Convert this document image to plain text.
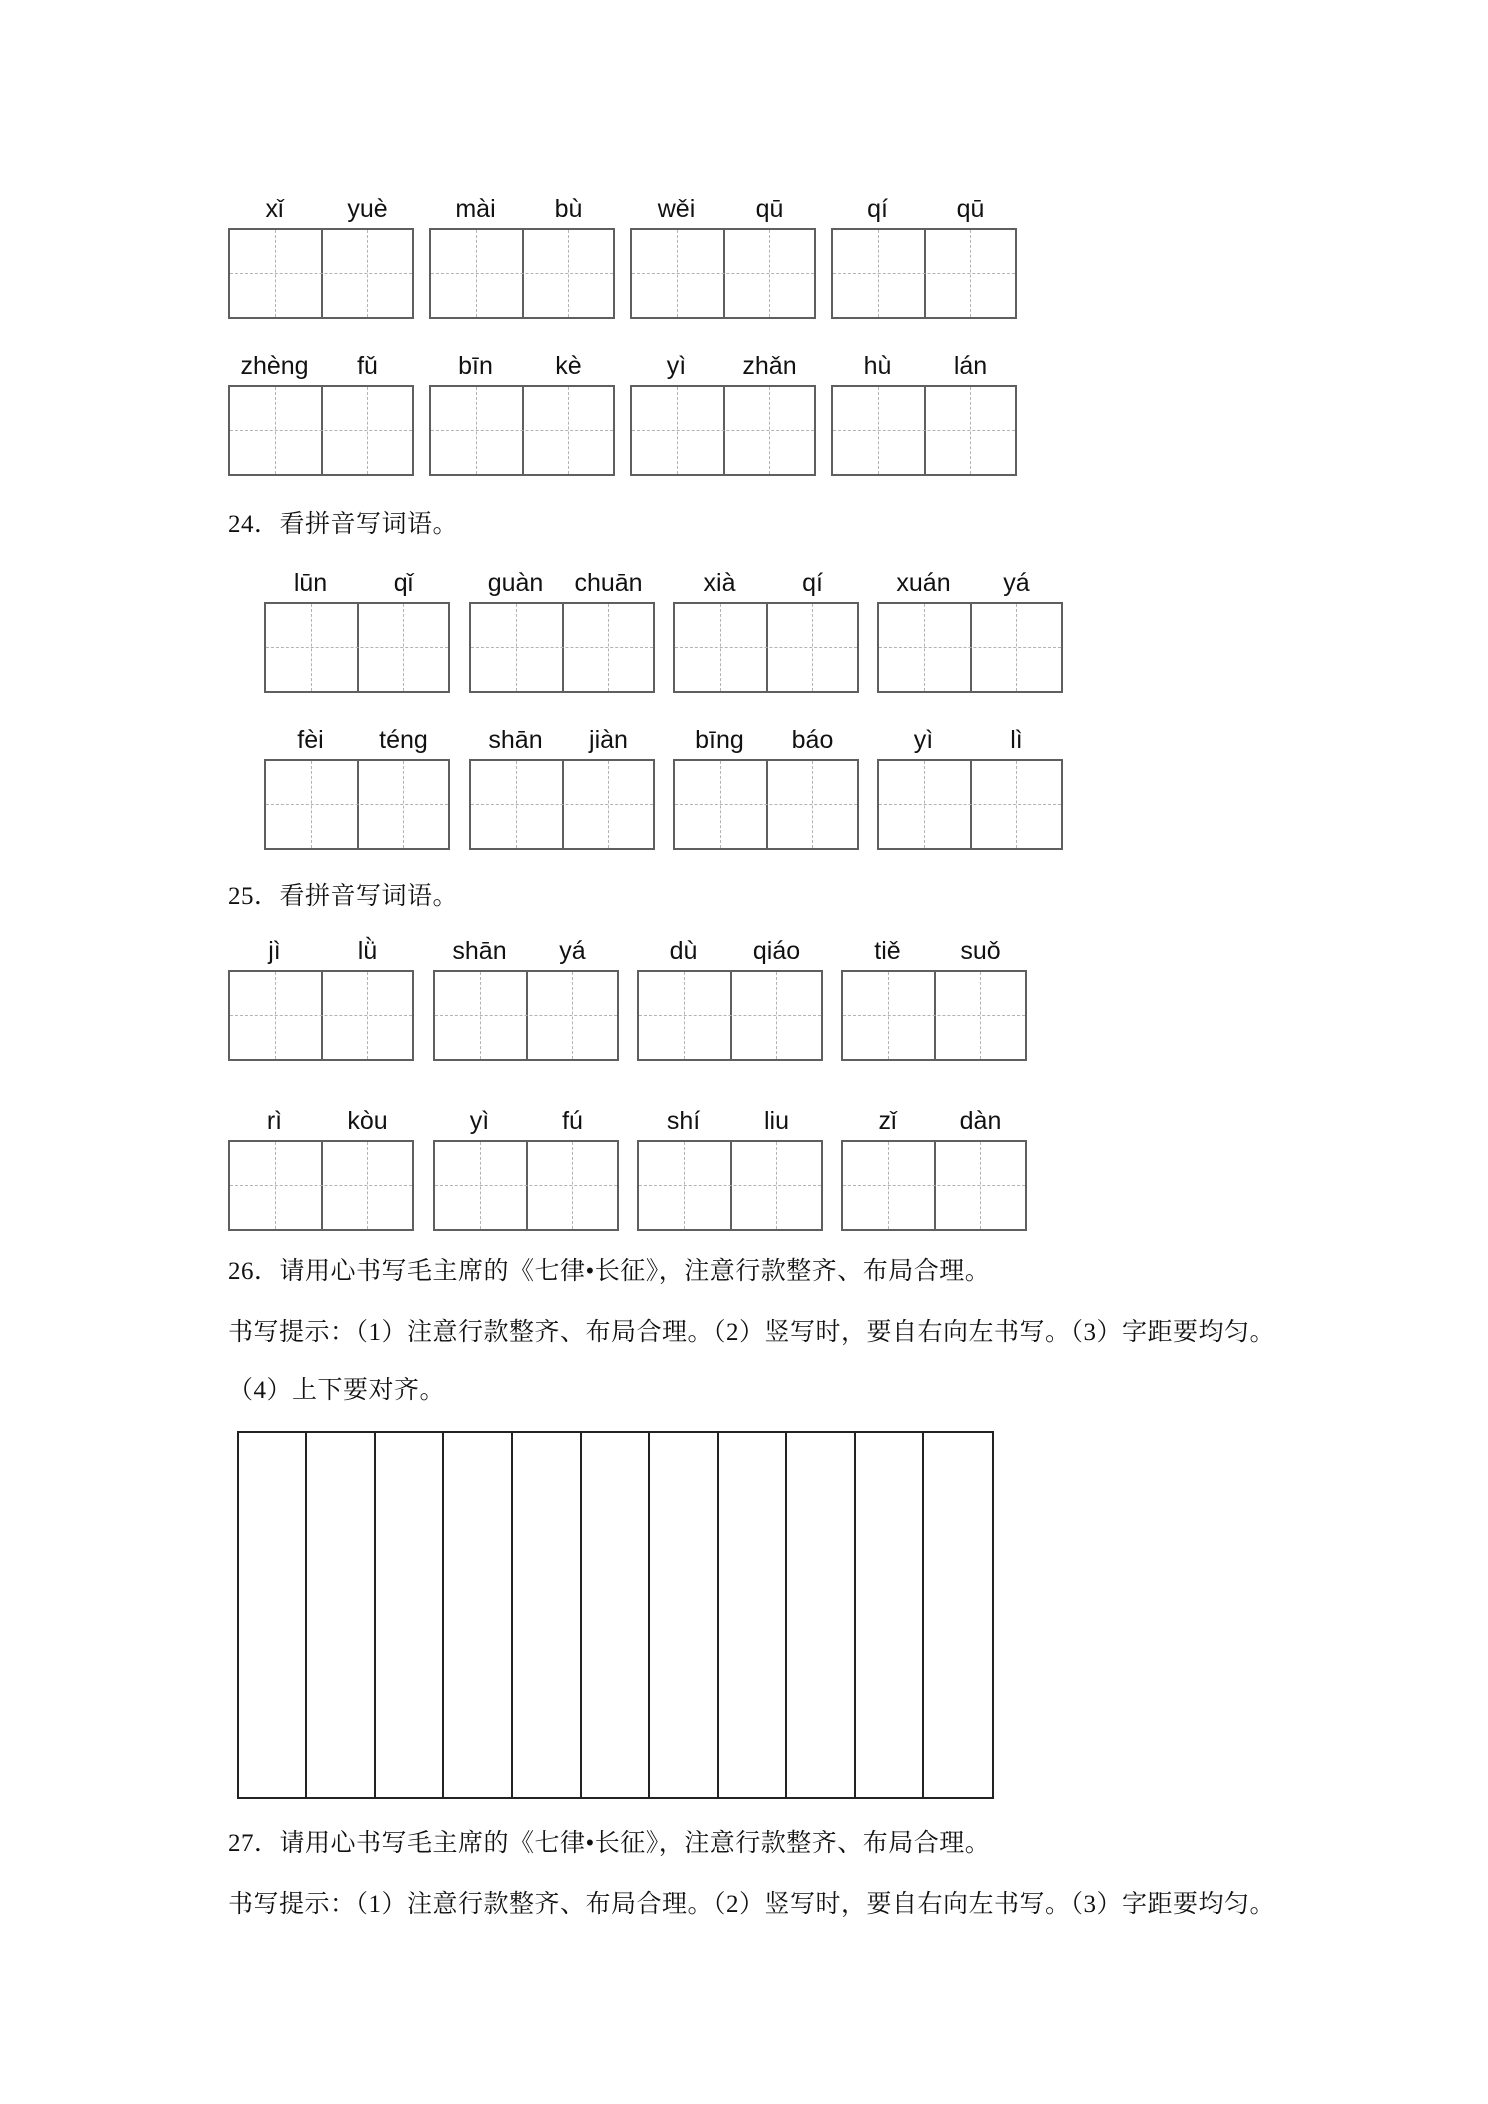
xǐ	yuè	mài	bù	wěi	qū	qí	qū
zhèng	fǔ	bīn	kè	yì	zhǎn	hù	lán
lūn	qǐ	guàn	chuān	xià	qí	xuán	yá
fèi	téng	shān	jiàn	bīng	báo	yì	lì
jì	lǜ	shān	yá	dù	qiáo	tiě	suǒ
rì	kòu	yì	fú	shí	liu	zǐ	dàn
24．看拼音写词语。
25．看拼音写词语。
26．请用心书写毛主席的《七律•长征》，注意行款整齐、布局合理。
书写提示：（1）注意行款整齐、布局合理。（2）竖写时，要自右向左书写。（3）字距要均匀。
（4）上下要对齐。
27．请用心书写毛主席的《七律•长征》，注意行款整齐、布局合理。
书写提示：（1）注意行款整齐、布局合理。（2）竖写时，要自右向左书写。（3）字距要均匀。
